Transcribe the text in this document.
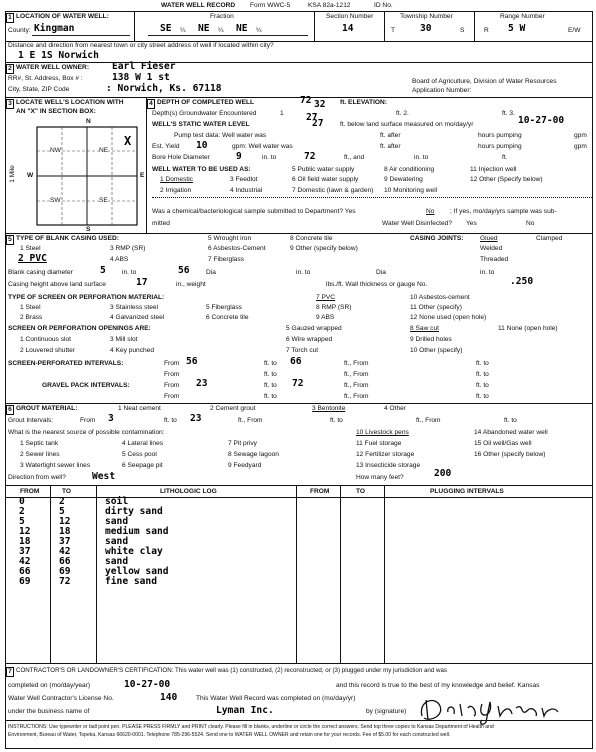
WATER WELL RECORD Form WWC-5	KSA 82a-1212	ID No.
1 LOCATION OF WATER WELL:
County: Kingman
Fraction
SE ¼ NE ¼ NE ¼
Section Number
14
Township Number
T	30	S
Range Number
R 5 W	E/W
Distance and direction from nearest town or city street address of well if located within city?
1 E 1S Norwich
2 WATER WELL OWNER: Earl Fieser
RR#, St. Address, Box # :	138 W 1 st
City, State, ZIP Code	: Norwich, Ks. 67118
Board of Agriculture, Division of Water Resources
Application Number:
3 LOCATE WELL'S LOCATION WITH
AN "X" IN SECTION BOX:
N
S
W	E
1 Mile
NW	NE
SW	SE
X
4 DEPTH OF COMPLETED WELL	72 32 ft. ELEVATION:
Depth(s) Groundwater Encountered	1 27	ft. 2.	ft. 3.
WELL'S STATIC WATER LEVEL	27 ft. below land surface measured on mo/day/yr	10-27-00
Pump test data: Well water was	ft. after	hours pumping	gpm
Est. Yield 10	gpm: Well water was	ft. after	hours pumping	gpm
Bore Hole Diameter	9	in. to	72	ft., and	in. to	ft.
WELL WATER TO BE USED AS:
1 Domestic	3 Feedlot
5 Public water supply	8 Air conditioning	11 Injection well
2 Irrigation	4 Industrial
6 Oil field water supply	9 Dewatering	12 Other (Specify below)
7 Domestic (lawn & garden) 10 Monitoring well
Was a chemical/bacteriological sample submitted to Department? Yes	No ; If yes, mo/day/yrs sample was sub-
mitted	Water Well Disinfected? Yes	No
5 TYPE OF BLANK CASING USED:
1 Steel	3 RMP (SR)
5 Wrought iron	8 Concrete tile
2 PVC	4 ABS
6 Asbestos-Cement	9 Other (specify below)
7 Fiberglass
CASING JOINTS:	Glued	Clamped
Welded
Threaded
Blank casing diameter	5 in. to	56 Dia	in. to	Dia	in. to
Casing height above land surface	17	in., weight	lbs./ft. Wall thickness or gauge No.	.250
TYPE OF SCREEN OR PERFORATION MATERIAL:
1 Steel	3 Stainless steel	5 Fiberglass
7 PVC	10 Asbestos-cement
2 Brass	4 Galvanized steel	6 Concrete tile
8 RMP (SR)	11 Other (specify)
9 ABS	12 None used (open hole)
SCREEN OR PERFORATION OPENINGS ARE:	5 Gauzed wrapped	8 Saw cut	11 None (open hole)
1 Continuous slot	3 Mill slot	6 Wire wrapped	9 Drilled holes
2 Louvered shutter	4 Key punched	7 Torch cut	10 Other (specify)
SCREEN-PERFORATED INTERVALS:	From 56	ft. to 66	ft., From	ft. to
From	ft. to	ft., From	ft. to
GRAVEL PACK INTERVALS:	From 23	ft. to 72	ft., From	ft. to
From	ft. to	ft., From	ft. to
6 GROUT MATERIAL:	1 Neat cement	2 Cement grout	3 Bentonite	4 Other
Grout Intervals:	From 3	ft. to 23	ft., From	ft. to	ft., From	ft. to
What is the nearest source of possible contamination:	10 Livestock pens	14 Abandoned water well
1 Septic tank	4 Lateral lines	7 Pit privy	11 Fuel storage	15 Oil well/Gas well
2 Sewer lines	5 Cess pool	8 Sewage lagoon	12 Fertilizer storage	16 Other (specify below)
3 Watertight sewer lines	6 Seepage pit	9 Feedyard	13 Insecticide storage
Direction from well?	West	How many feet?	200
FROM	TO	LITHOLOGIC LOG	FROM	TO	PLUGGING INTERVALS
0	2	soil
2	5	dirty sand
5	12	sand
12	18	medium sand
18	37	sand
37	42	white clay
42	66	sand
66	69	yellow sand
69	72	fine sand
7 CONTRACTOR'S OR LANDOWNER'S CERTIFICATION: This water well was (1) constructed, (2) reconstructed, or (3) plugged under my jurisdiction and was
completed on (mo/day/year)	10-27-00	and this record is true to the best of my knowledge and belief. Kansas
Water Well Contractor's License No.	140	This Water Well Record was completed on (mo/day/yr)
under the business name of	Lyman Inc.	by (signature)
INSTRUCTIONS: Use typewriter or ball point pen. PLEASE PRESS FIRMLY and PRINT clearly. Please fill in blanks, underline or circle the correct answers. Send top three copies to Kansas Department of Health and
Environment, Bureau of Water, Topeka, Kansas 66620-0001. Telephone 785-296-5524. Send one to WATER WELL OWNER and retain one for your records. Fee of $5.00 for each constructed well.
